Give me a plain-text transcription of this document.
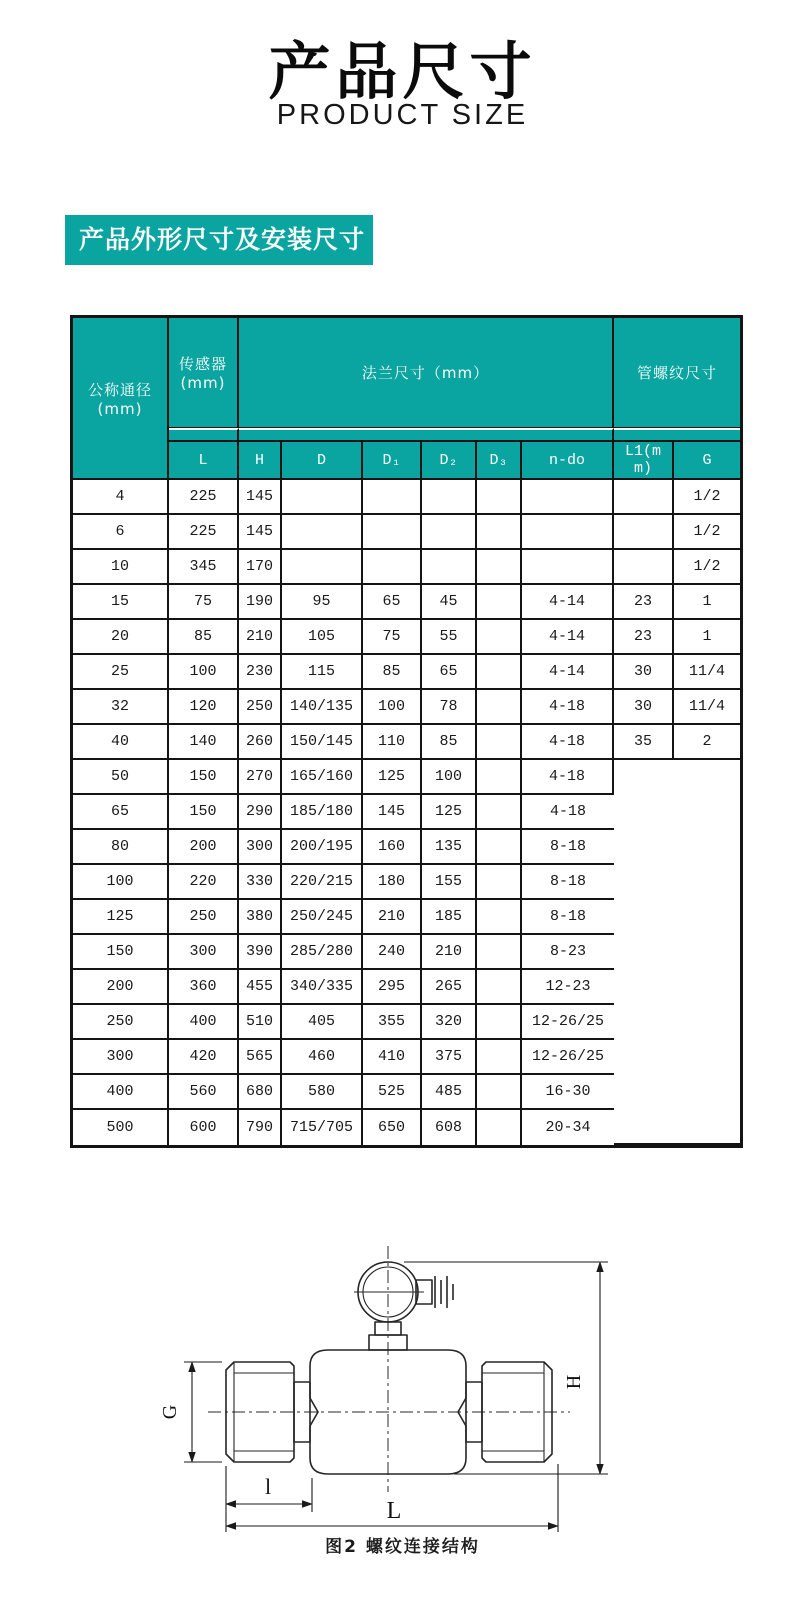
产品尺寸
PRODUCT SIZE
产品外形尺寸及安装尺寸
公称通径
(mm)

传感器
(mm)
	法兰尺寸（mm）	管螺纹尺寸

	L	H	D	D₁	D₂	D₃	n-do	L1(mm)	G
4	225	145							1/2
6	225	145							1/2
10	345	170							1/2
15	75	190	95	65	45		4-14	23	1
20	85	210	105	75	55		4-14	23	1
25	100	230	115	85	65		4-14	30	11/4
32	120	250	140/135	100	78		4-18	30	11/4
40	140	260	150/145	110	85		4-18	35	2
50	150	270	165/160	125	100		4-18		
65	150	290	185/180	145	125		4-18		
80	200	300	200/195	160	135		8-18		
100	220	330	220/215	180	155		8-18		
125	250	380	250/245	210	185		8-18		
150	300	390	285/280	240	210		8-23		
200	360	455	340/335	295	265		12-23		
250	400	510	405	355	320		12-26/25		
300	420	565	460	410	375		12-26/25		
400	560	680	580	525	485		16-30		
500	600	790	715/705	650	608		20-34		
G
H
l
L
图2 螺纹连接结构
